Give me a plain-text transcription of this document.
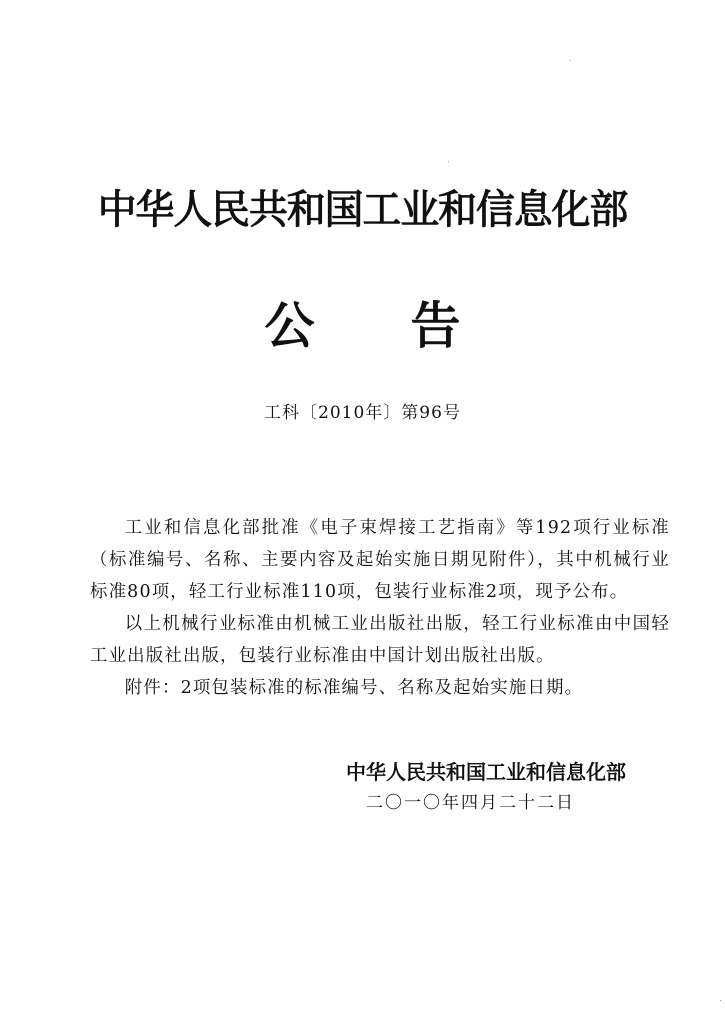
中华人民共和国工业和信息化部
公 告
工科〔2010年〕第96号

工业和信息化部批准《电子束焊接工艺指南》等192项行业标准（标准编号、名称、主要内容及起始实施日期见附件），其中机械行业标准80项，轻工行业标准110项，包装行业标准2项，现予公布。

以上机械行业标准由机械工业出版社出版，轻工行业标准由中国轻工业出版社出版，包装行业标准由中国计划出版社出版。

附件：2项包装标准的标准编号、名称及起始实施日期。

中华人民共和国工业和信息化部
二〇一〇年四月二十二日
